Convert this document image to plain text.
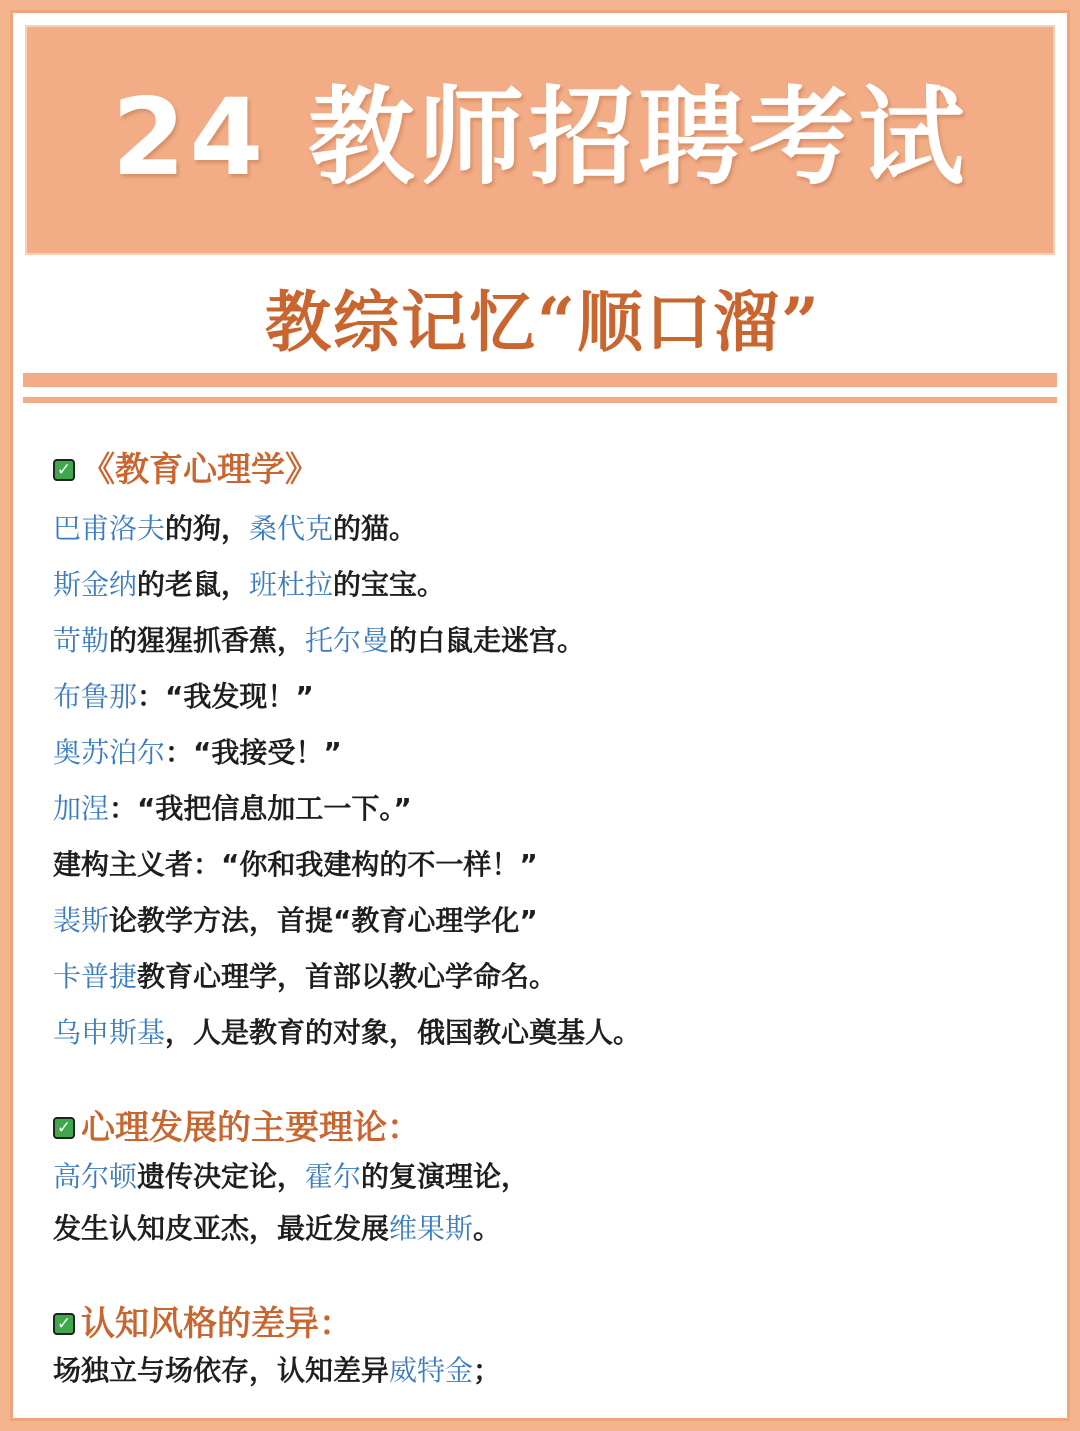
24 教师招聘考试
教综记忆“顺口溜”
✓ 《教育心理学》
巴甫洛夫的狗，桑代克的猫。
斯金纳的老鼠，班杜拉的宝宝。
苛勒的猩猩抓香蕉，托尔曼的白鼠走迷宫。
布鲁那：“我发现！”
奥苏泊尔：“我接受！”
加涅：“我把信息加工一下。”
建构主义者：“你和我建构的不一样！”
裴斯论教学方法，首提“教育心理学化”
卡普捷教育心理学，首部以教心学命名。
乌申斯基，人是教育的对象，俄国教心奠基人。
✓ 心理发展的主要理论：
高尔顿遗传决定论，霍尔的复演理论，
发生认知皮亚杰，最近发展维果斯。
✓ 认知风格的差异：
场独立与场依存，认知差异威特金；
